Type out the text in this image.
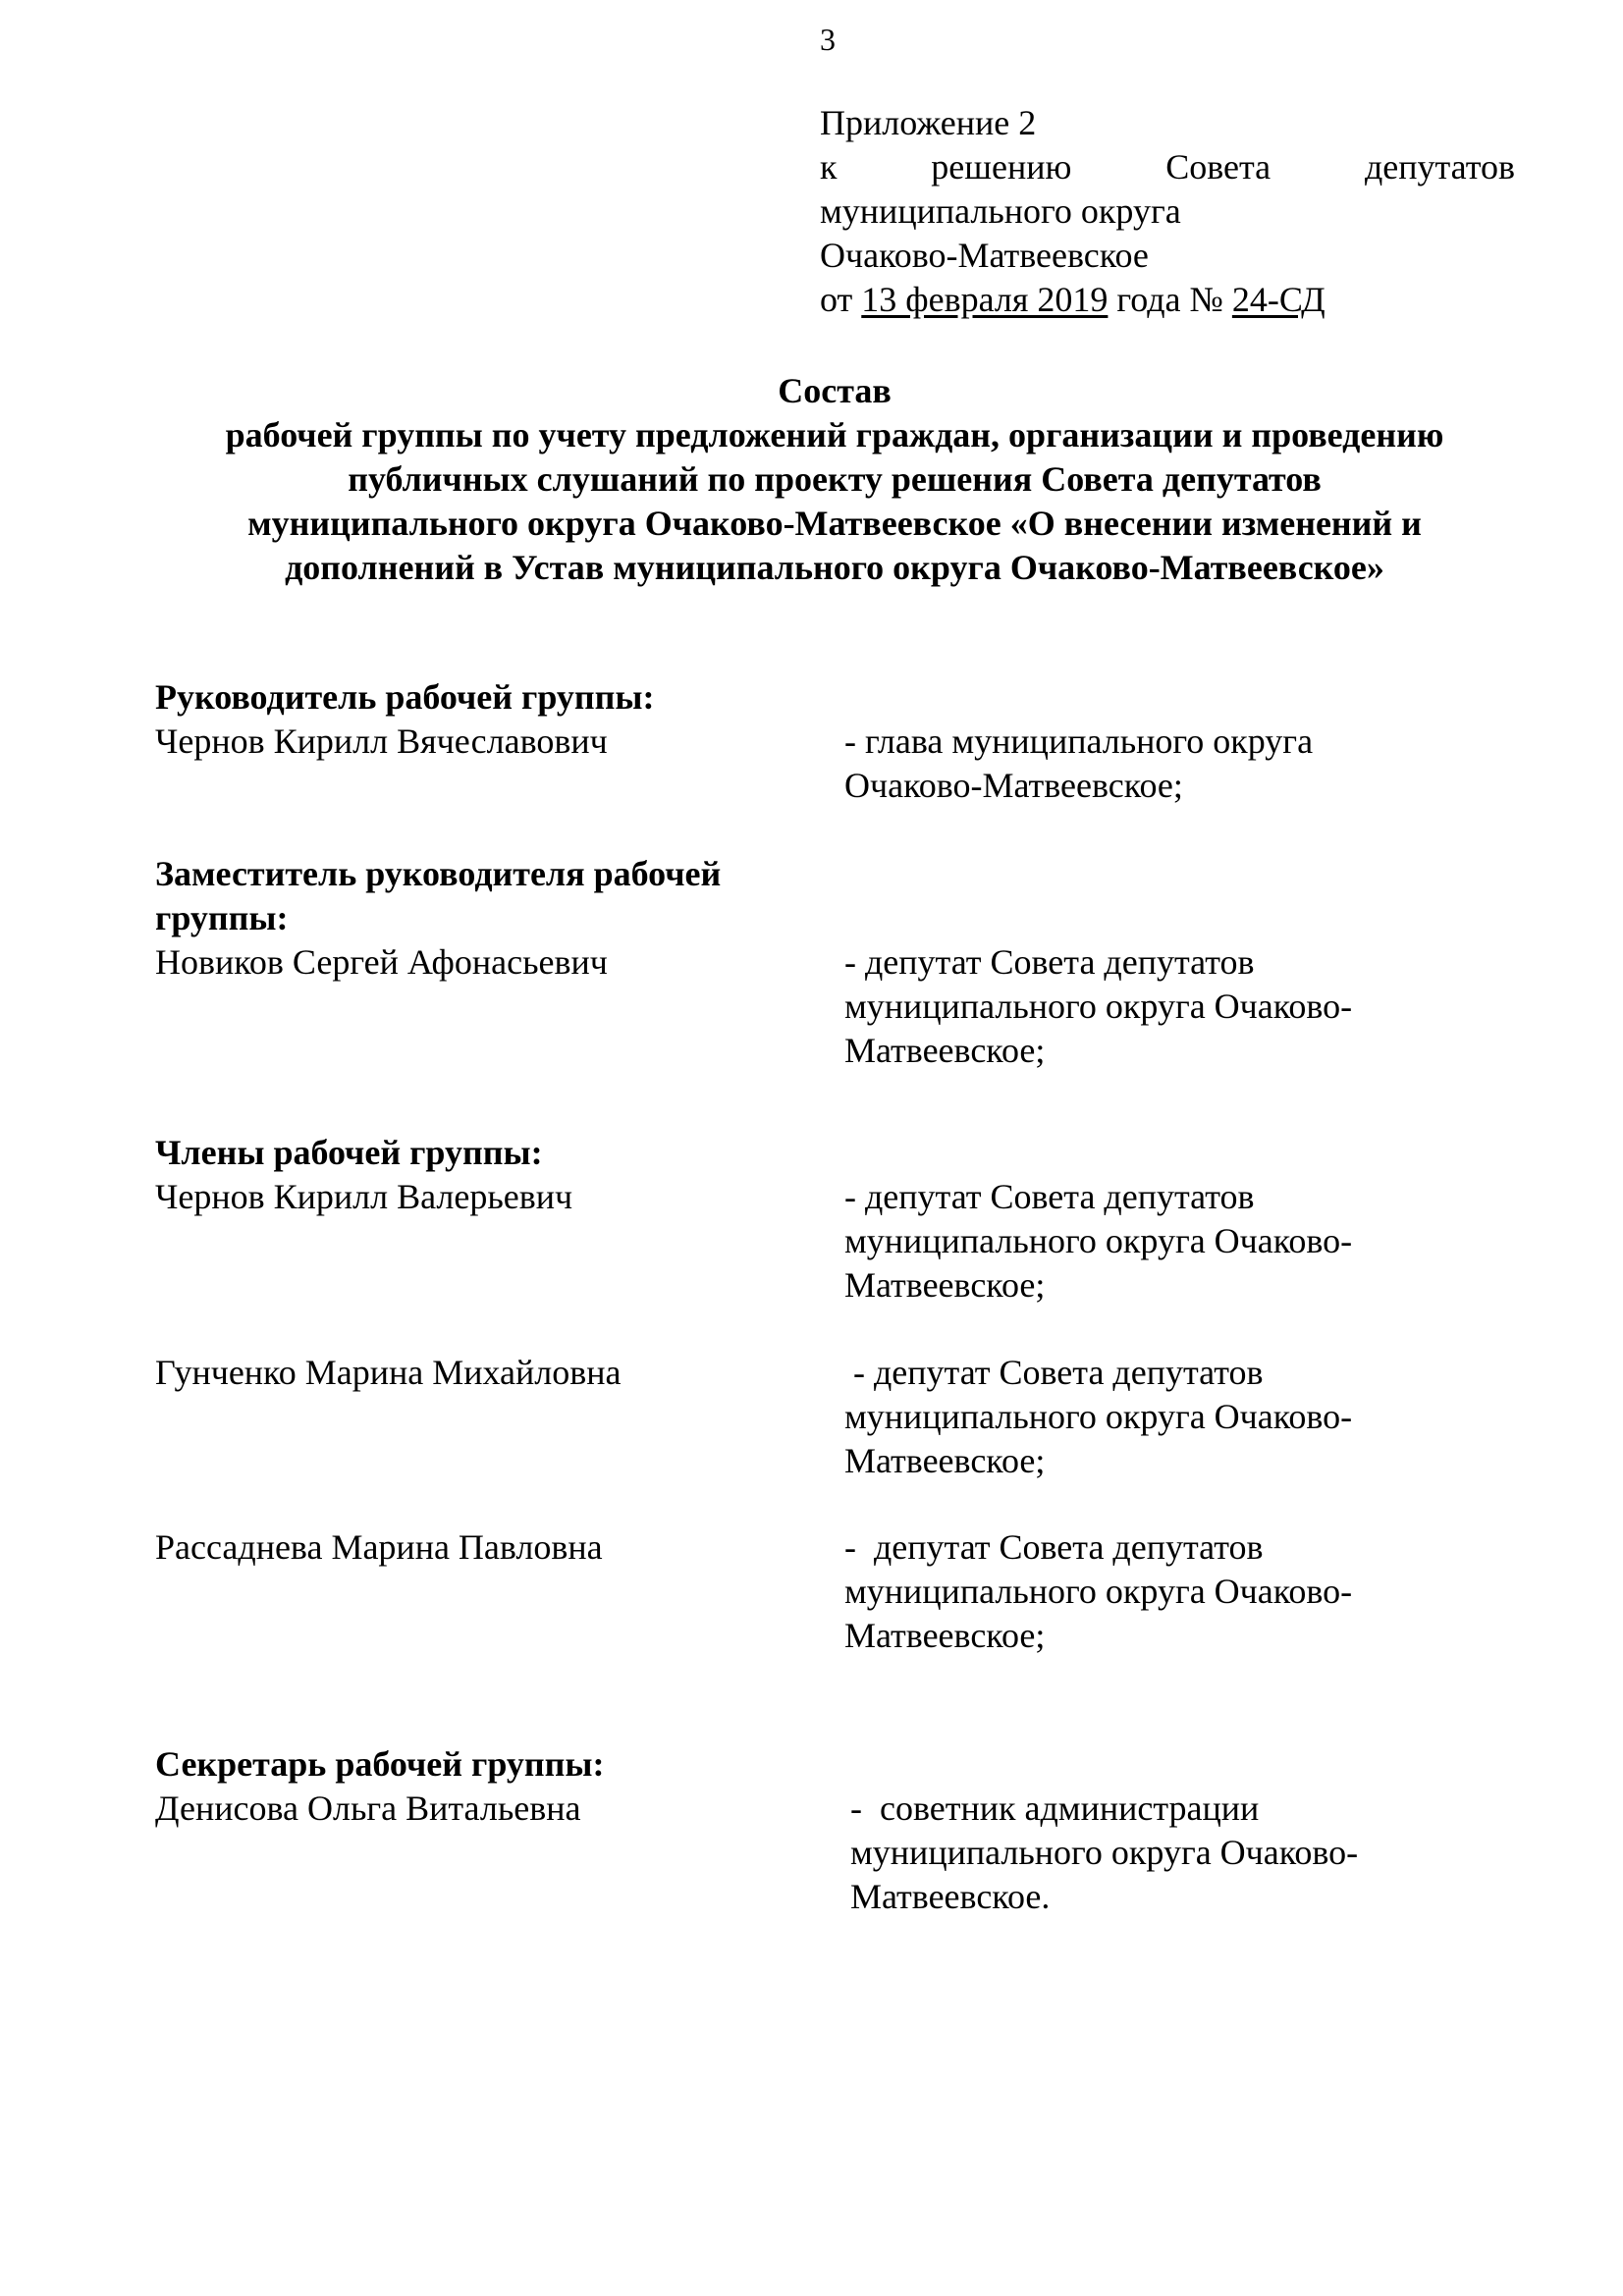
3
Приложение 2
к	решению	Совета	депутатов
муниципального округа
Очаково-Матвеевское
от 13 февраля 2019 года № 24-СД
Состав
рабочей группы по учету предложений граждан, организации и проведению
публичных слушаний по проекту решения Совета депутатов
муниципального округа Очаково-Матвеевское «О внесении изменений и
дополнений в Устав муниципального округа Очаково-Матвеевское»
Руководитель рабочей группы:
Чернов Кирилл Вячеславович	- глава муниципального округа
Очаково-Матвеевское;
Заместитель руководителя рабочей
группы:
Новиков Сергей Афонасьевич	- депутат Совета депутатов
муниципального округа Очаково-
Матвеевское;
Члены рабочей группы:
Чернов Кирилл Валерьевич	- депутат Совета депутатов
муниципального округа Очаково-
Матвеевское;
Гунченко Марина Михайловна	- депутат Совета депутатов
муниципального округа Очаково-
Матвеевское;
Рассаднева Марина Павловна	-  депутат Совета депутатов
муниципального округа Очаково-
Матвеевское;
Секретарь рабочей группы:
Денисова Ольга Витальевна	-  советник администрации
муниципального округа Очаково-
Матвеевское.
